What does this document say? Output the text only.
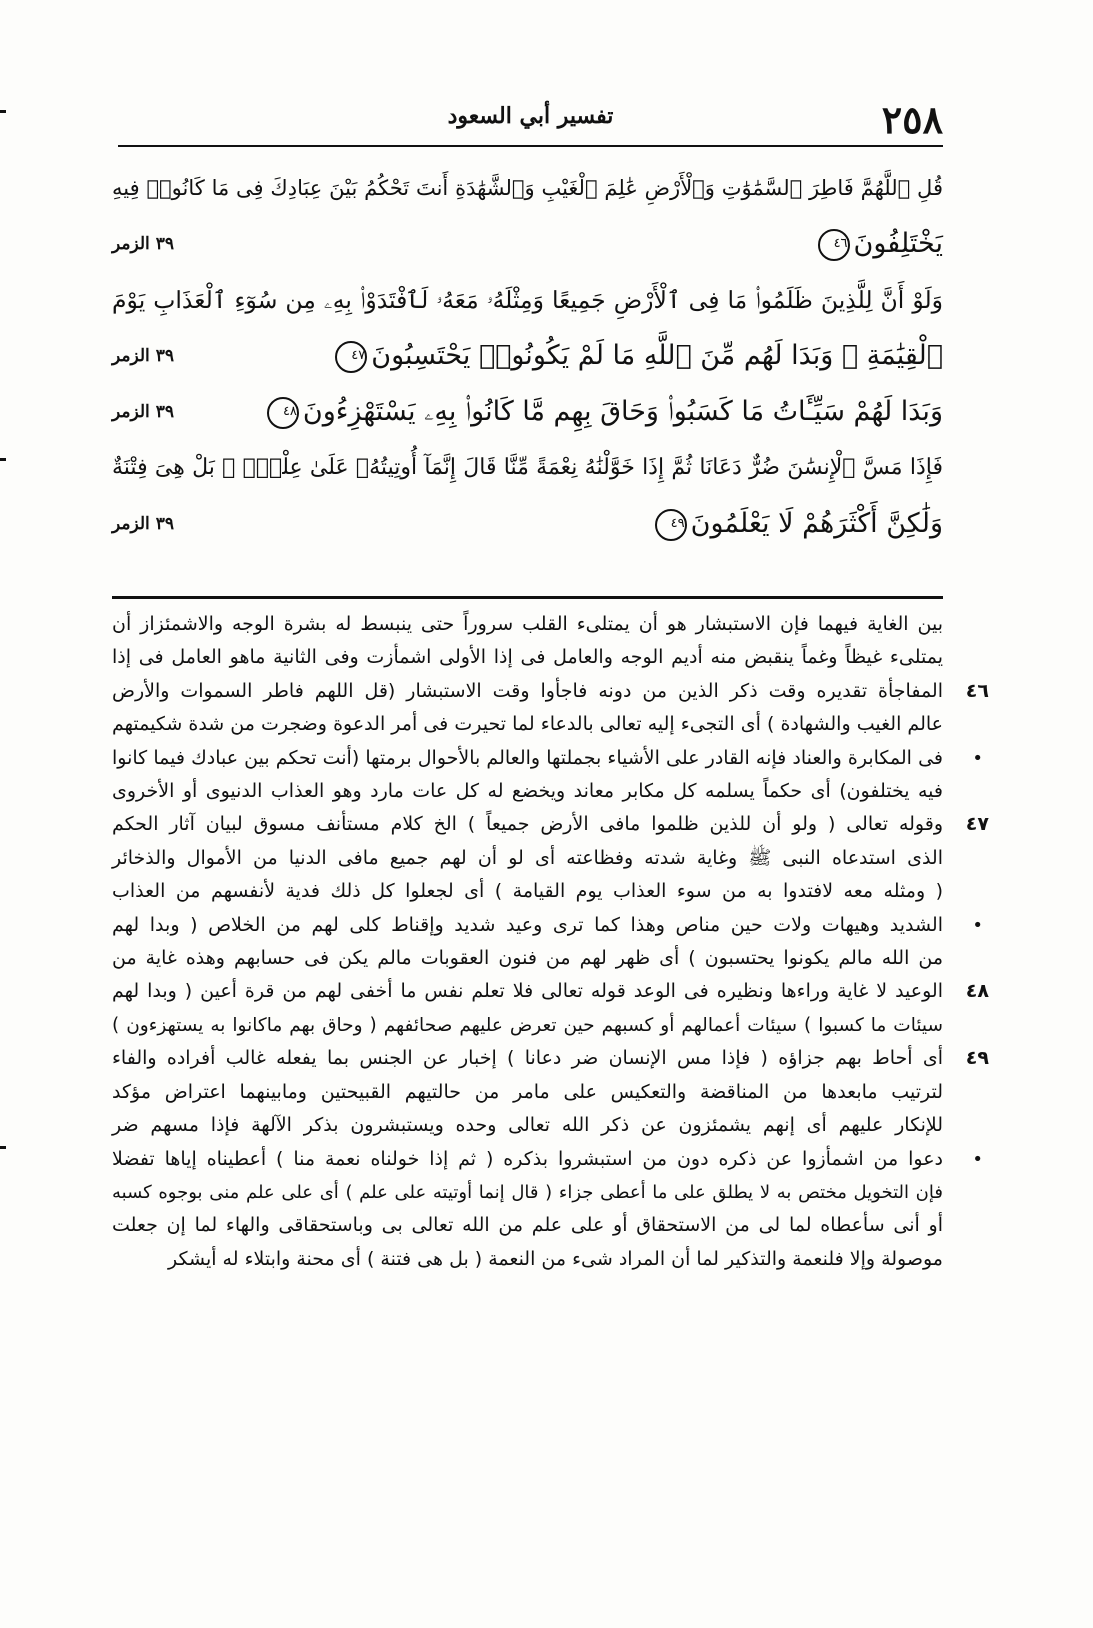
٢٥٨
تفسير أبي السعود
قُلِ ٱللَّهُمَّ فَاطِرَ ٱلسَّمَٰوَٰتِ وَٱلْأَرْضِ عَٰلِمَ ٱلْغَيْبِ وَٱلشَّهَٰدَةِ أَنتَ تَحْكُمُ بَيْنَ عِبَادِكَ فِى مَا كَانُوا۟ فِيهِ
يَخْتَلِفُونَ٤٦
٣٩ الزمر
وَلَوْ أَنَّ لِلَّذِينَ ظَلَمُوا۟ مَا فِى ٱلْأَرْضِ جَمِيعًا وَمِثْلَهُۥ مَعَهُۥ لَٱفْتَدَوْا۟ بِهِۦ مِن سُوٓءِ ٱلْعَذَابِ يَوْمَ
ٱلْقِيَٰمَةِ ۚ وَبَدَا لَهُم مِّنَ ٱللَّهِ مَا لَمْ يَكُونُوا۟ يَحْتَسِبُونَ٤٧
٣٩ الزمر
وَبَدَا لَهُمْ سَيِّـَٔاتُ مَا كَسَبُوا۟ وَحَاقَ بِهِم مَّا كَانُوا۟ بِهِۦ يَسْتَهْزِءُونَ٤٨
٣٩ الزمر
فَإِذَا مَسَّ ٱلْإِنسَٰنَ ضُرٌّ دَعَانَا ثُمَّ إِذَا خَوَّلْنَٰهُ نِعْمَةً مِّنَّا قَالَ إِنَّمَآ أُوتِيتُهُۥ عَلَىٰ عِلْمٍۭ ۚ بَلْ هِىَ فِتْنَةٌ
وَلَٰكِنَّ أَكْثَرَهُمْ لَا يَعْلَمُونَ٤٩
٣٩ الزمر
بين الغاية فيهما فإن الاستبشار هو أن يمتلىء القلب سروراً حتى ينبسط له بشرة الوجه والاشمئزاز أن
يمتلىء غيظاً وغماً ينقبض منه أديم الوجه والعامل فى إذا الأولى اشمأزت وفى الثانية ماهو العامل فى إذا
المفاجأة تقديره وقت ذكر الذين من دونه فاجأوا وقت الاستبشار (قل اللهم فاطر السموات والأرض ٤٦
عالم الغيب والشهادة ) أى التجىء إليه تعالى بالدعاء لما تحيرت فى أمر الدعوة وضجرت من شدة شكيمتهم
فى المكابرة والعناد فإنه القادر على الأشياء بجملتها والعالم بالأحوال برمتها (أنت تحكم بين عبادك فيما كانوا •
فيه يختلفون) أى حكماً يسلمه كل مكابر معاند ويخضع له كل عات مارد وهو العذاب الدنيوى أو الأخروى
وقوله تعالى ( ولو أن للذين ظلموا مافى الأرض جميعاً ) الخ كلام مستأنف مسوق لبيان آثار الحكم ٤٧
الذى استدعاه النبى ﷺ وغاية شدته وفظاعته أى لو أن لهم جميع مافى الدنيا من الأموال والذخائر
( ومثله معه لافتدوا به من سوء العذاب يوم القيامة ) أى لجعلوا كل ذلك فدية لأنفسهم من العذاب
الشديد وهيهات ولات حين مناص وهذا كما ترى وعيد شديد وإقناط كلى لهم من الخلاص ( وبدا لهم •
من الله مالم يكونوا يحتسبون ) أى ظهر لهم من فنون العقوبات مالم يكن فى حسابهم وهذه غاية من
الوعيد لا غاية وراءها ونظيره فى الوعد قوله تعالى فلا تعلم نفس ما أخفى لهم من قرة أعين ( وبدا لهم ٤٨
سيئات ما كسبوا ) سيئات أعمالهم أو كسبهم حين تعرض عليهم صحائفهم ( وحاق بهم ماكانوا به يستهزءون )
أى أحاط بهم جزاؤه ( فإذا مس الإنسان ضر دعانا ) إخبار عن الجنس بما يفعله غالب أفراده والفاء ٤٩
لترتيب مابعدها من المناقضة والتعكيس على مامر من حالتيهم القبيحتين ومابينهما اعتراض مؤكد
للإنكار عليهم أى إنهم يشمئزون عن ذكر الله تعالى وحده ويستبشرون بذكر الآلهة فإذا مسهم ضر
دعوا من اشمأزوا عن ذكره دون من استبشروا بذكره ( ثم إذا خولناه نعمة منا ) أعطيناه إياها تفضلا •
فإن التخويل مختص به لا يطلق على ما أعطى جزاء ( قال إنما أوتيته على علم ) أى على علم منى بوجوه كسبه
أو أنى سأعطاه لما لى من الاستحقاق أو على علم من الله تعالى بى وباستحقاقى والهاء لما إن جعلت
موصولة وإلا فلنعمة والتذكير لما أن المراد شىء من النعمة ( بل هى فتنة ) أى محنة وابتلاء له أيشكر
